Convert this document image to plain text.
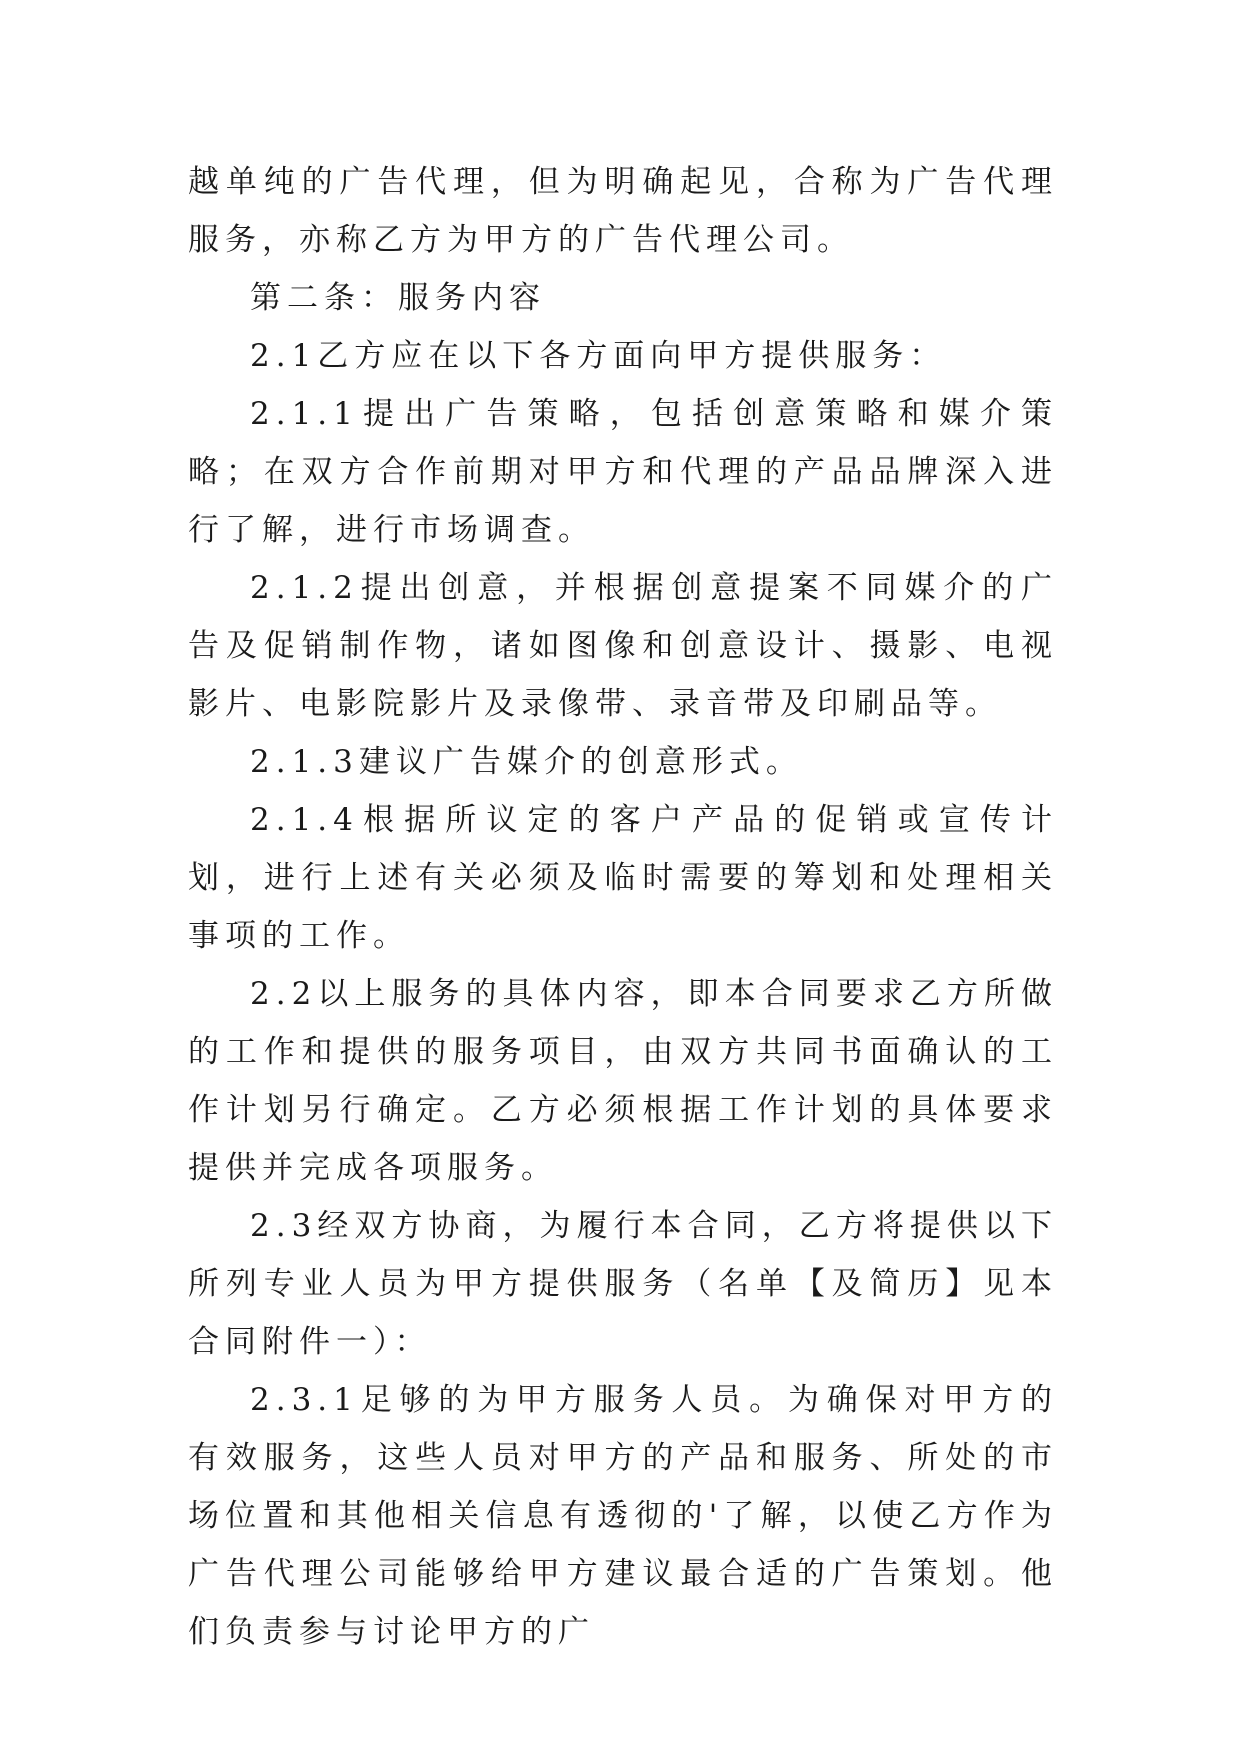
越单纯的广告代理，但为明确起见，合称为广告代理服务，亦称乙方为甲方的广告代理公司。

第二条：服务内容

2.1乙方应在以下各方面向甲方提供服务：

2.1.1提出广告策略，包括创意策略和媒介策略；在双方合作前期对甲方和代理的产品品牌深入进行了解，进行市场调查。

2.1.2提出创意，并根据创意提案不同媒介的广告及促销制作物，诸如图像和创意设计、摄影、电视影片、电影院影片及录像带、录音带及印刷品等。

2.1.3建议广告媒介的创意形式。

2.1.4根据所议定的客户产品的促销或宣传计划，进行上述有关必须及临时需要的筹划和处理相关事项的工作。

2.2以上服务的具体内容，即本合同要求乙方所做的工作和提供的服务项目，由双方共同书面确认的工作计划另行确定。乙方必须根据工作计划的具体要求提供并完成各项服务。

2.3经双方协商，为履行本合同，乙方将提供以下所列专业人员为甲方提供服务（名单【及简历】见本合同附件一）：

2.3.1足够的为甲方服务人员。为确保对甲方的有效服务，这些人员对甲方的产品和服务、所处的市场位置和其他相关信息有透彻的'了解，以使乙方作为广告代理公司能够给甲方建议最合适的广告策划。他们负责参与讨论甲方的广
